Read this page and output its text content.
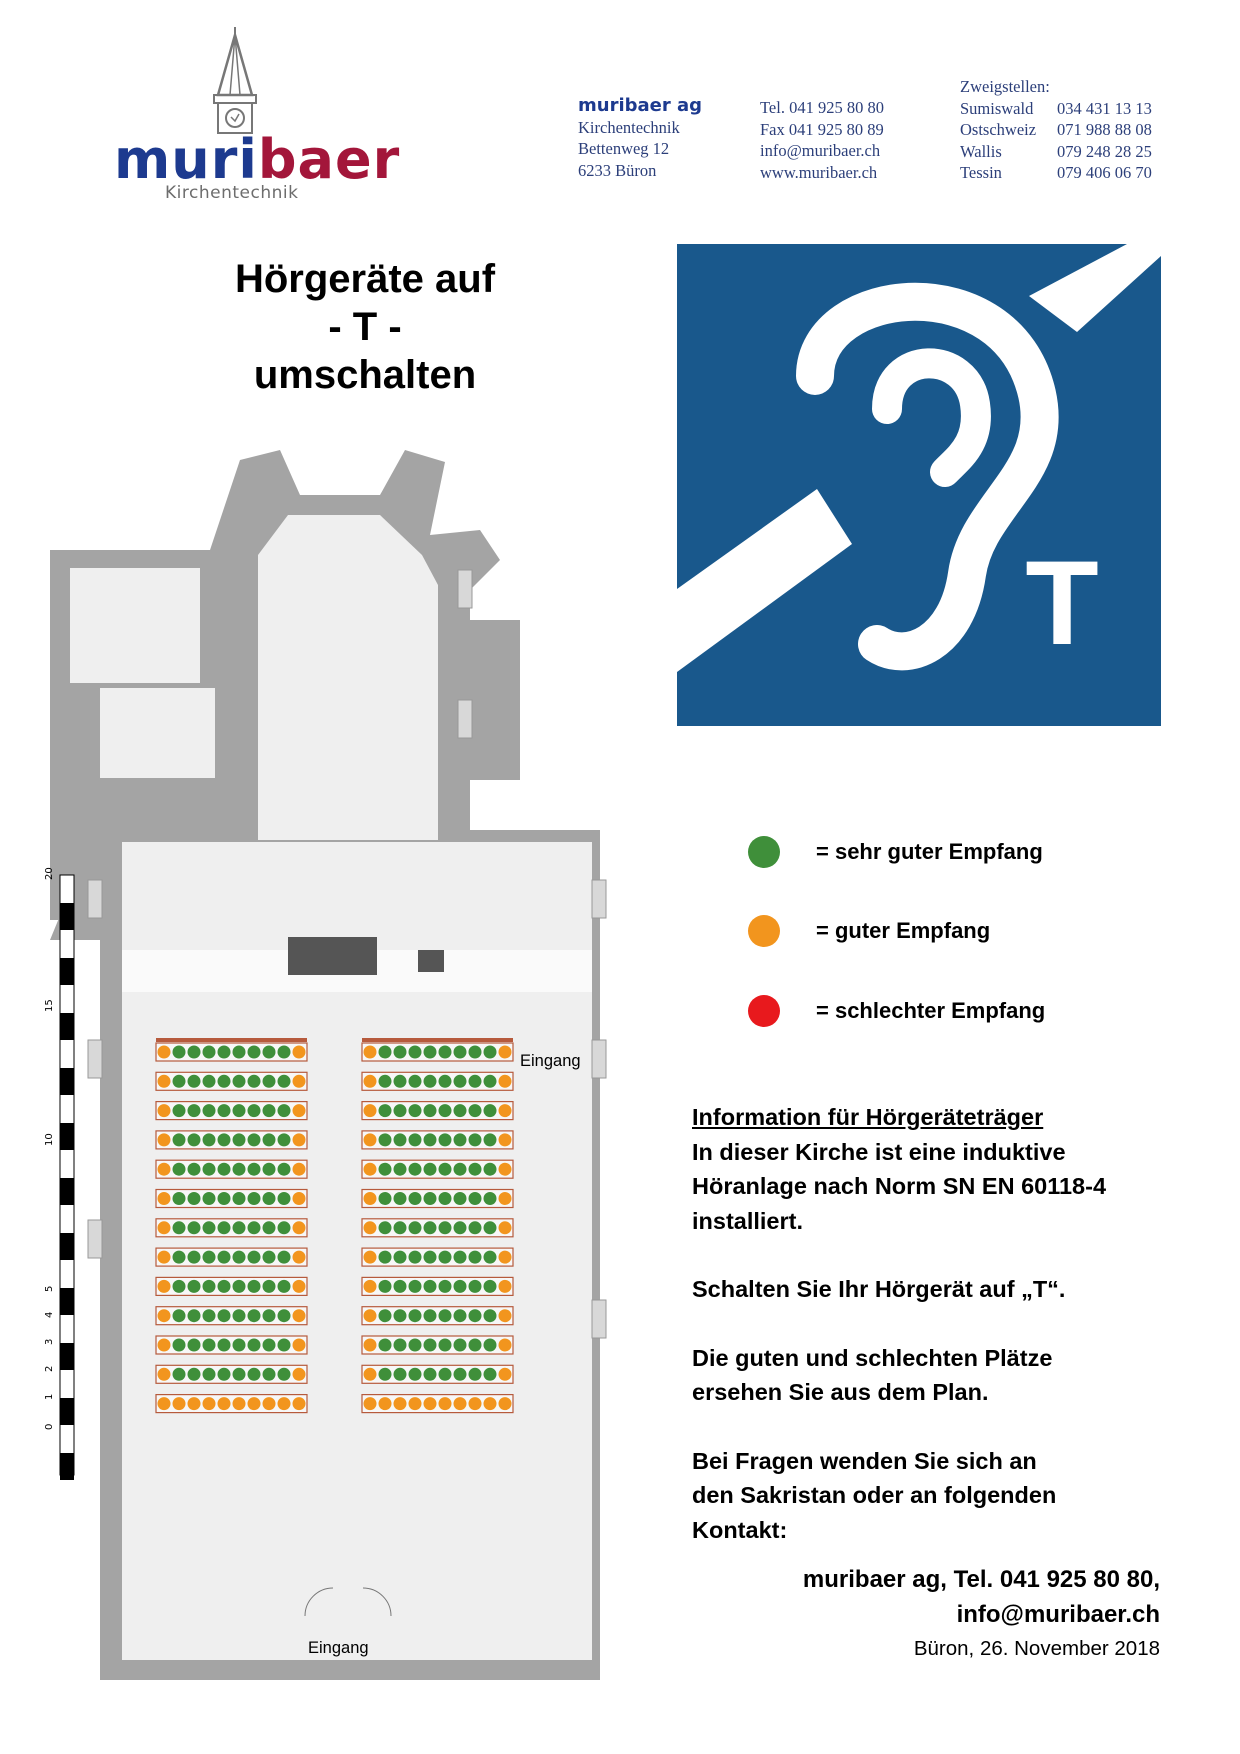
muribaer
Kirchentechnik
muribaer ag
Kirchentechnik
Bettenweg 12
6233 Büron
Tel. 041 925 80 80
Fax 041 925 80 89
info@muribaer.ch
www.muribaer.ch
Zweigstellen:
Sumiswald	034 431 13 13
Ostschweiz	071 988 88 08
Wallis	079 248 28 25
Tessin	079 406 06 70
Hörgeräte auf
- T -
umschalten
T
= sehr guter Empfang
= guter Empfang
= schlechter Empfang

Information für Hörgeräteträger

In dieser Kirche ist eine induktive

Höranlage nach Norm SN EN 60118-4

installiert.

Schalten Sie Ihr Hörgerät auf „T“.

Die guten und schlechten Plätze

ersehen Sie aus dem Plan.

Bei Fragen wenden Sie sich an

den Sakristan oder an folgenden

Kontakt:

muribaer ag, Tel. 041 925 80 80,
info@muribaer.ch
Büron, 26. November 2018
20
15
10
5
4
3
2
1
0
Eingang
Eingang
